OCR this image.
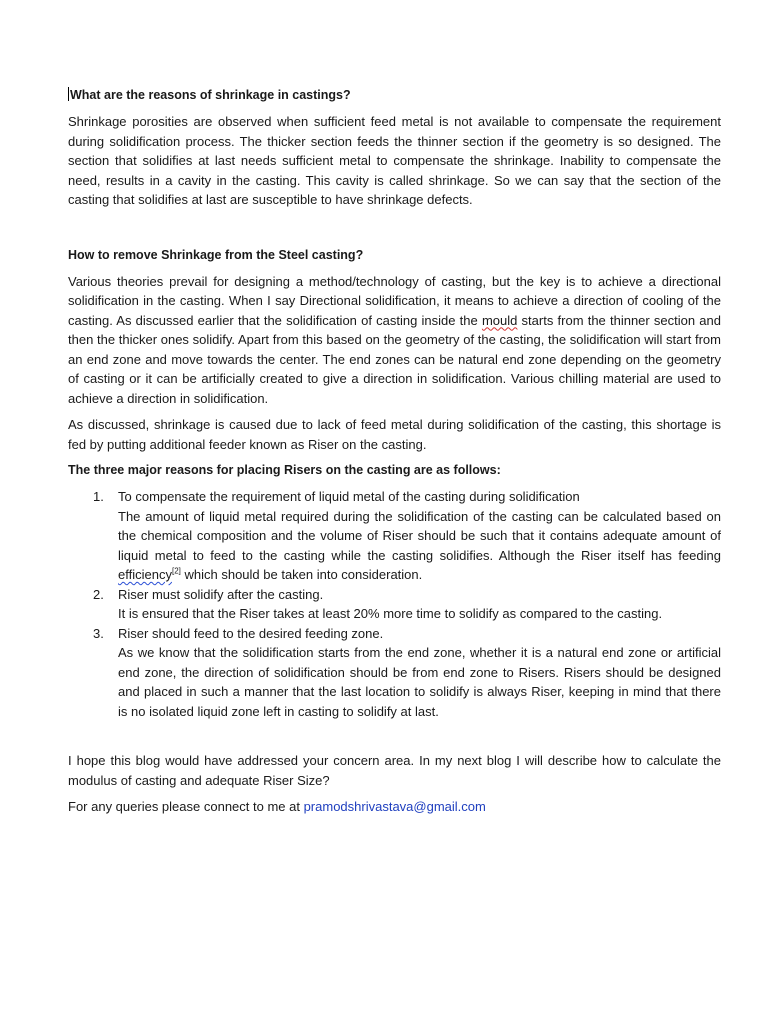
What are the reasons of shrinkage in castings?

Shrinkage porosities are observed when sufficient feed metal is not available to compensate the requirement during solidification process. The thicker section feeds the thinner section if the geometry is so designed. The section that solidifies at last needs sufficient metal to compensate the shrinkage. Inability to compensate the need, results in a cavity in the casting. This cavity is called shrinkage. So we can say that the section of the casting that solidifies at last are susceptible to have shrinkage defects.

How to remove Shrinkage from the Steel casting?

Various theories prevail for designing a method/technology of casting, but the key is to achieve a directional solidification in the casting. When I say Directional solidification, it means to achieve a direction of cooling of the casting. As discussed earlier that the solidification of casting inside the mould starts from the thinner section and then the thicker ones solidify. Apart from this based on the geometry of the casting, the solidification will start from an end zone and move towards the center. The end zones can be natural end zone depending on the geometry of casting or it can be artificially created to give a direction in solidification. Various chilling material are used to achieve a direction in solidification.

As discussed, shrinkage is caused due to lack of feed metal during solidification of the casting, this shortage is fed by putting additional feeder known as Riser on the casting.

The three major reasons for placing Risers on the casting are as follows:
1. To compensate the requirement of liquid metal of the casting during solidification
The amount of liquid metal required during the solidification of the casting can be calculated based on the chemical composition and the volume of Riser should be such that it contains adequate amount of liquid metal to feed to the casting while the casting solidifies. Although the Riser itself has feeding efficiency[2] which should be taken into consideration.
2. Riser must solidify after the casting.
It is ensured that the Riser takes at least 20% more time to solidify as compared to the casting.
3. Riser should feed to the desired feeding zone.
As we know that the solidification starts from the end zone, whether it is a natural end zone or artificial end zone, the direction of solidification should be from end zone to Risers. Risers should be designed and placed in such a manner that the last location to solidify is always Riser, keeping in mind that there is no isolated liquid zone left in casting to solidify at last.

I hope this blog would have addressed your concern area. In my next blog I will describe how to calculate the modulus of casting and adequate Riser Size?

For any queries please connect to me at pramodshrivastava@gmail.com
